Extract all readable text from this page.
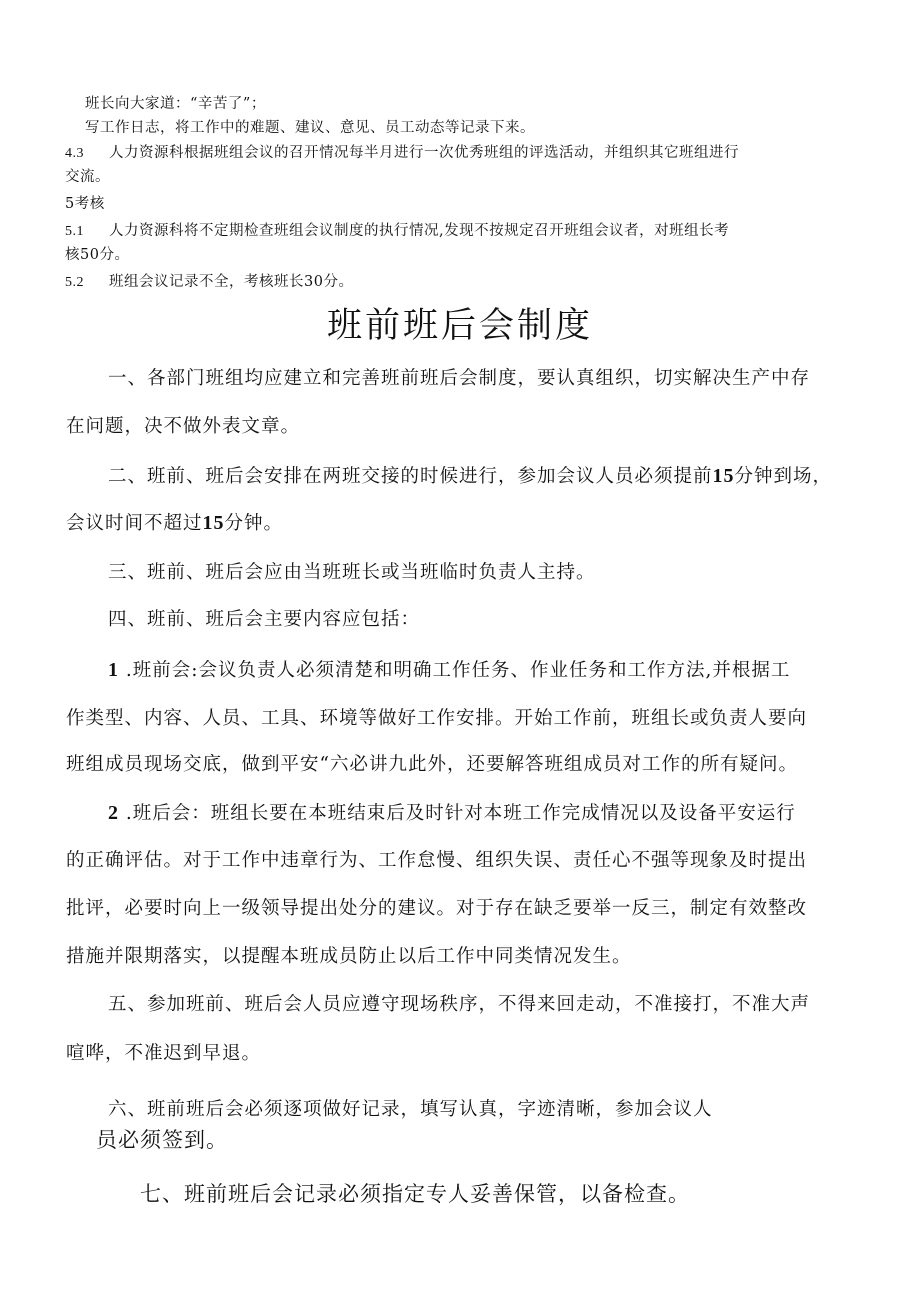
班长向大家道：“辛苦了”；
写工作日志，将工作中的难题、建议、意见、员工动态等记录下来。
4.3 人力资源科根据班组会议的召开情况每半月进行一次优秀班组的评选活动，并组织其它班组进行
交流。
5考核
5.1 人力资源科将不定期检查班组会议制度的执行情况,发现不按规定召开班组会议者，对班组长考
核50分。
5.2 班组会议记录不全，考核班长30分。
班前班后会制度
一、各部门班组均应建立和完善班前班后会制度，要认真组织，切实解决生产中存
在问题，决不做外表文章。
二、班前、班后会安排在两班交接的时候进行，参加会议人员必须提前15分钟到场，
会议时间不超过15分钟。
三、班前、班后会应由当班班长或当班临时负责人主持。
四、班前、班后会主要内容应包括：
1 .班前会:会议负责人必须清楚和明确工作任务、作业任务和工作方法,并根据工
作类型、内容、人员、工具、环境等做好工作安排。开始工作前，班组长或负责人要向
班组成员现场交底，做到平安“六必讲九此外，还要解答班组成员对工作的所有疑问。
2 .班后会：班组长要在本班结束后及时针对本班工作完成情况以及设备平安运行
的正确评估。对于工作中违章行为、工作怠慢、组织失误、责任心不强等现象及时提出
批评，必要时向上一级领导提出处分的建议。对于存在缺乏要举一反三，制定有效整改
措施并限期落实，以提醒本班成员防止以后工作中同类情况发生。
五、参加班前、班后会人员应遵守现场秩序，不得来回走动，不准接打，不准大声
喧哗，不准迟到早退。
六、班前班后会必须逐项做好记录，填写认真，字迹清晰，参加会议人
员必须签到。
七、班前班后会记录必须指定专人妥善保管，以备检查。
